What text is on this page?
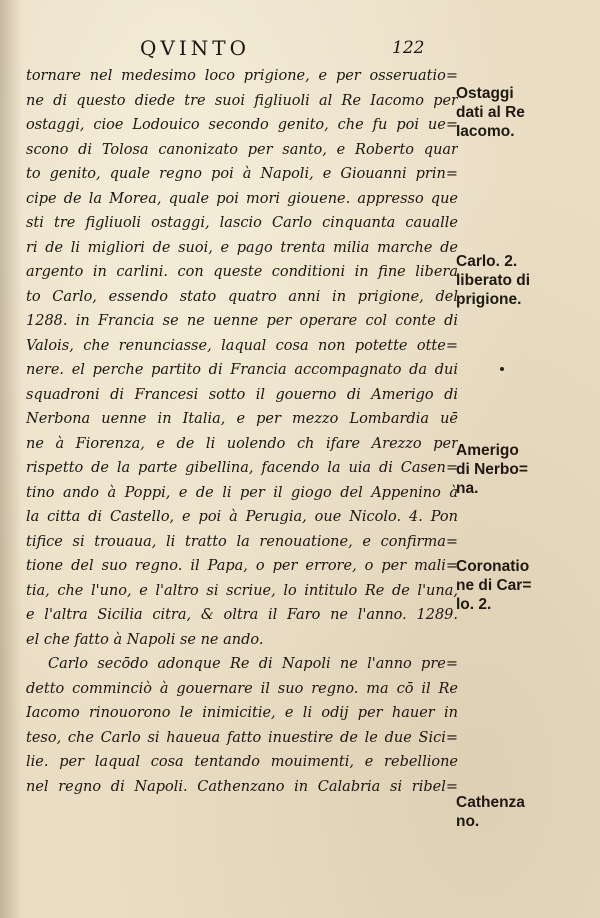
QVINTO	122
tornare nel medesimo loco prigione, e per osseruatio=
ne di questo diede tre suoi figliuoli al Re Iacomo per
ostaggi, cioe Lodouico secondo genito, che fu poi ue=
scono di Tolosa canonizato per santo, e Roberto quar
to genito, quale regno poi à Napoli, e Giouanni prin=
cipe de la Morea, quale poi mori giouene. appresso que
sti tre figliuoli ostaggi, lascio Carlo cinquanta caualle
ri de li migliori de suoi, e pago trenta milia marche de
argento in carlini. con queste conditioni in fine libera
to Carlo, essendo stato quatro anni in prigione, del
1288. in Francia se ne uenne per operare col conte di
Valois, che renunciasse, laqual cosa non potette otte=
nere. el perche partito di Francia accompagnato da dui
squadroni di Francesi sotto il gouerno di Amerigo di
Nerbona uenne in Italia, e per mezzo Lombardia uē
ne à Fiorenza, e de li uolendo ch ifare Arezzo per
rispetto de la parte gibellina, facendo la uia di Casen=
tino ando à Poppi, e de li per il giogo del Appenino à
la citta di Castello, e poi à Perugia, oue Nicolo. 4. Pon
tifice si trouaua, li tratto la renouatione, e confirma=
tione del suo regno. il Papa, o per errore, o per mali=
tia, che l'uno, e l'altro si scriue, lo intitulo Re de l'una,
e l'altra Sicilia citra, & oltra il Faro ne l'anno. 1289.
el che fatto à Napoli se ne ando.
Carlo secōdo adonque Re di Napoli ne l'anno pre=
detto comminciò à gouernare il suo regno. ma cō il Re
Iacomo rinouorono le inimicitie, e li odij per hauer in
teso, che Carlo si haueua fatto inuestire de le due Sici=
lie. per laqual cosa tentando mouimenti, e rebellione
nel regno di Napoli. Cathenzano in Calabria si ribel=
Ostaggi
dati al Re
Iacomo.
Carlo. 2.
liberato di
prigione.
Amerigo
di Nerbo=
na.
Coronatio
ne di Car=
lo. 2.
Cathenza
no.
